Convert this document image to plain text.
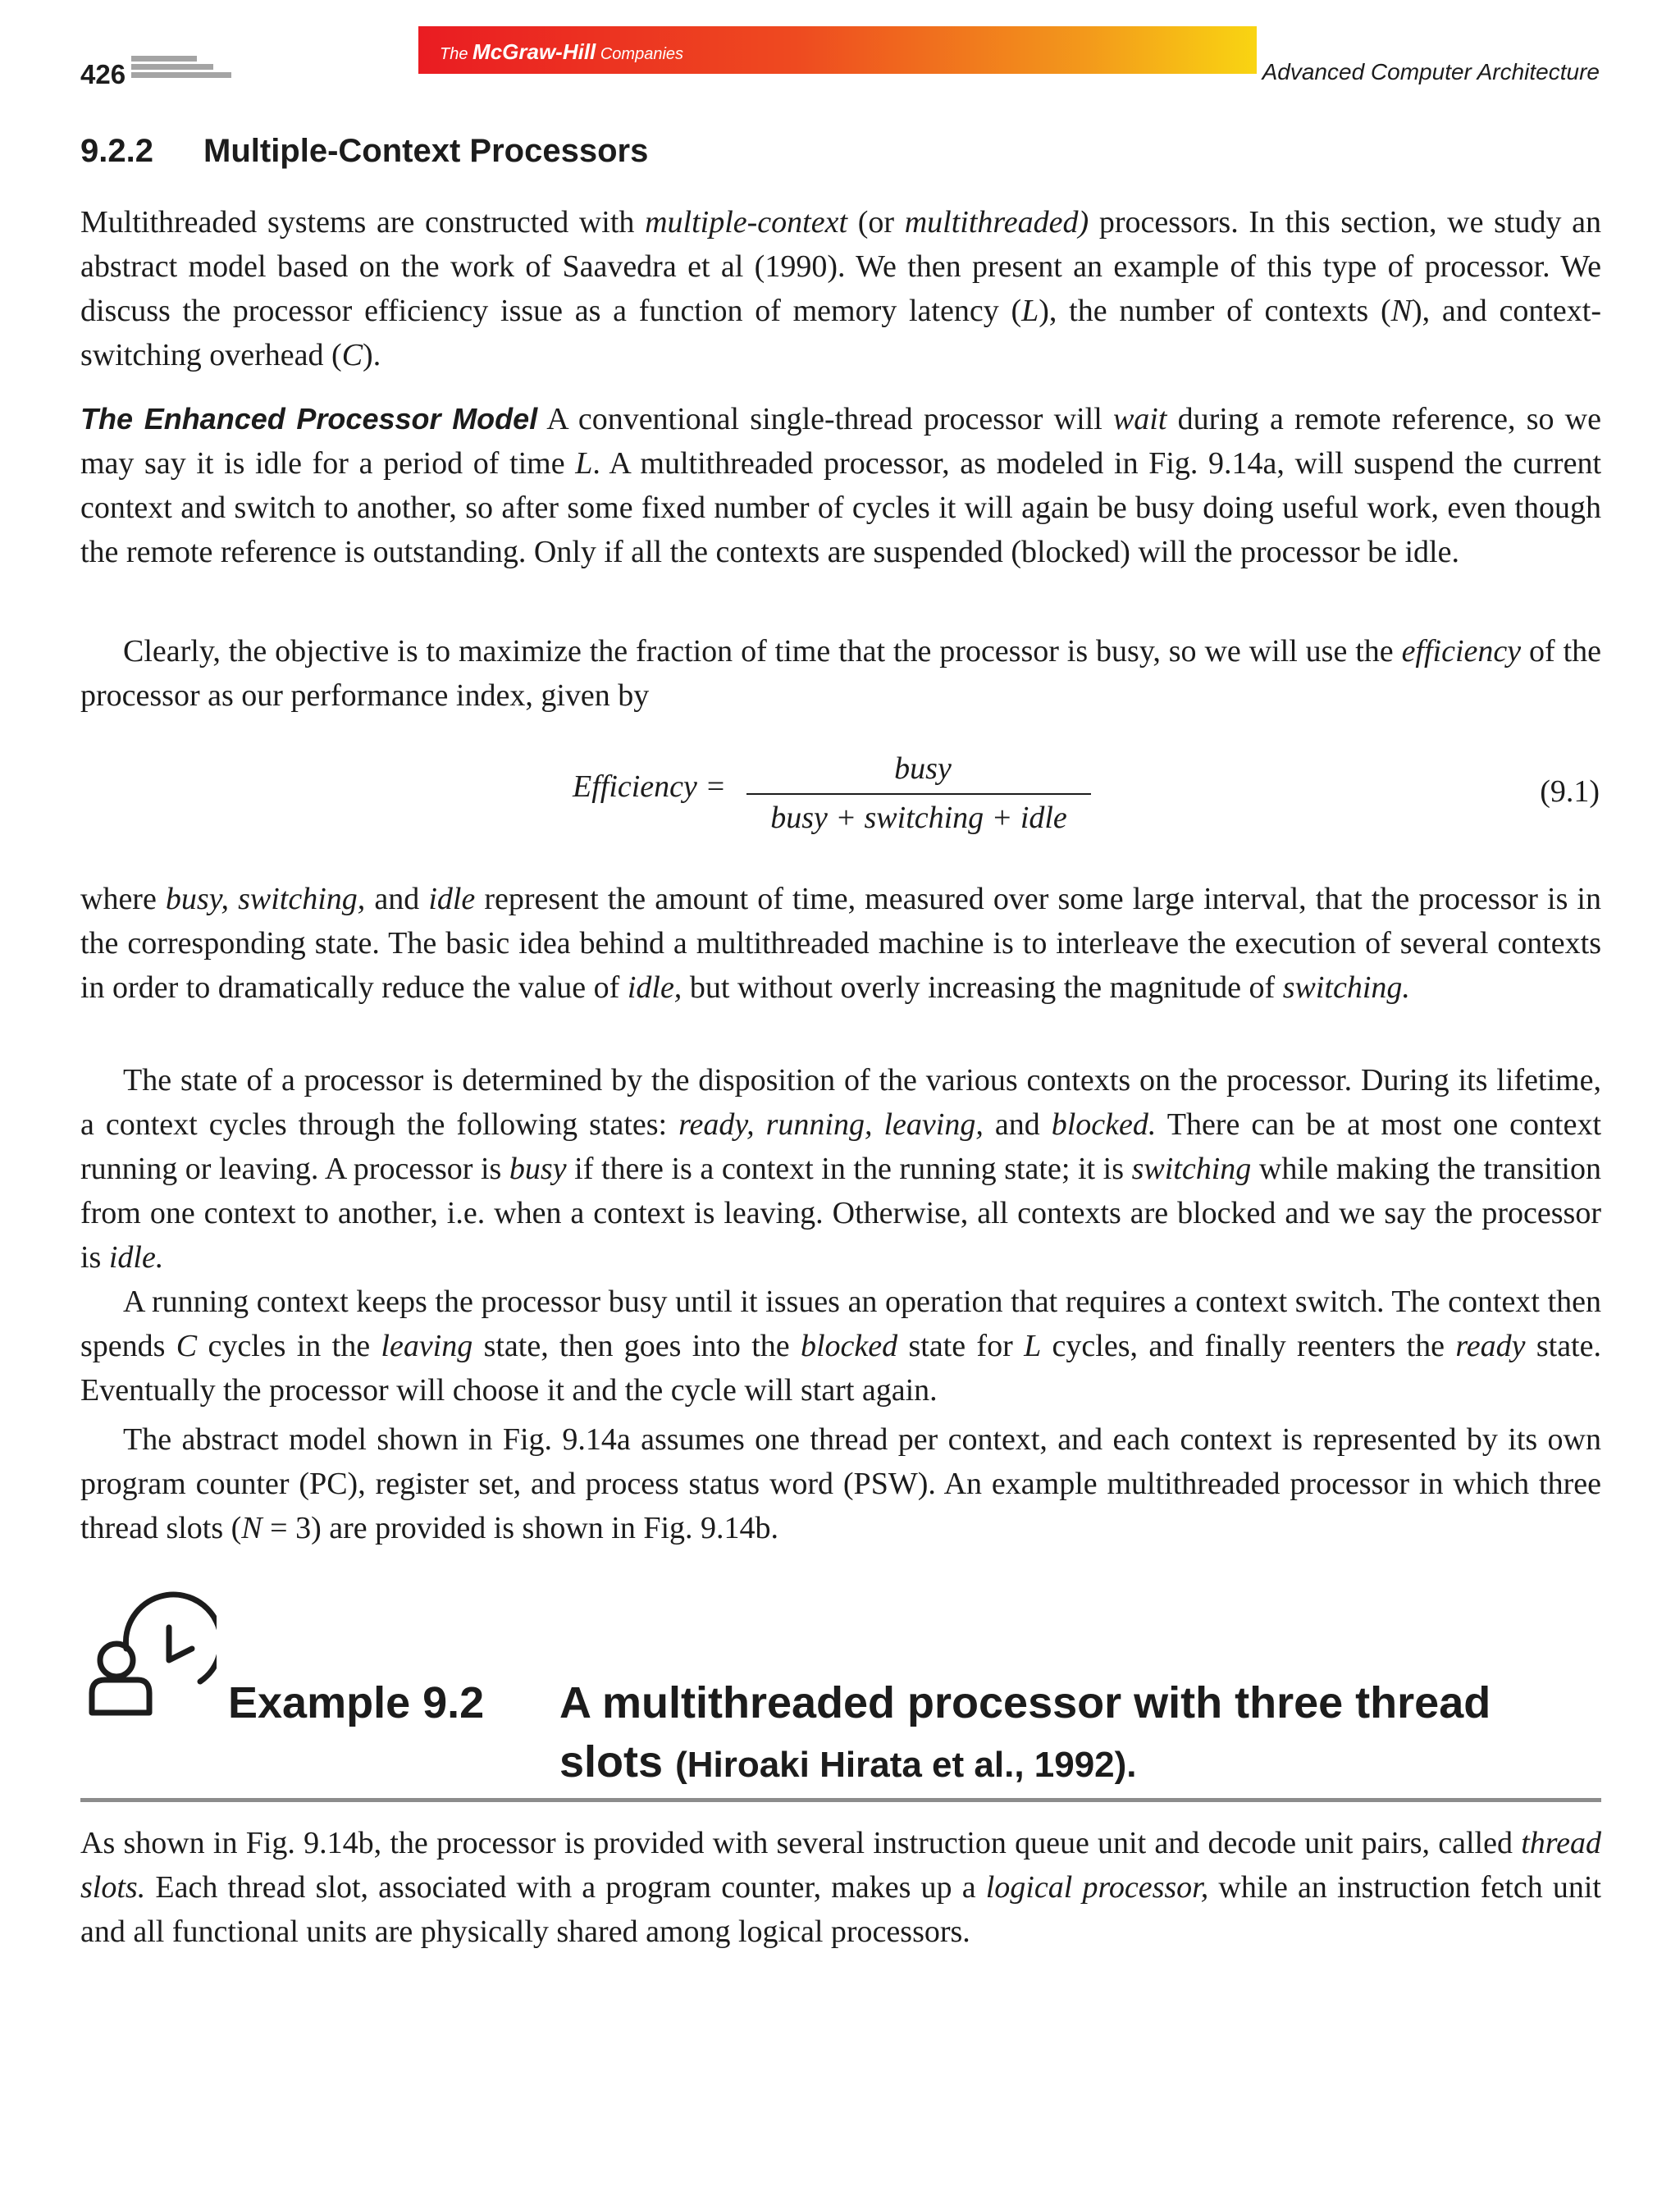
426
The McGraw-Hill Companies
Advanced Computer Architecture
9.2.2 Multiple-Context Processors
Multithreaded systems are constructed with multiple-context (or multithreaded) processors. In this section, we study an abstract model based on the work of Saavedra et al (1990). We then present an example of this type of processor. We discuss the processor efficiency issue as a function of memory latency (L), the number of contexts (N), and context-switching overhead (C).
The Enhanced Processor Model A conventional single-thread processor will wait during a remote reference, so we may say it is idle for a period of time L. A multithreaded processor, as modeled in Fig. 9.14a, will suspend the current context and switch to another, so after some fixed number of cycles it will again be busy doing useful work, even though the remote reference is outstanding. Only if all the contexts are suspended (blocked) will the processor be idle.
Clearly, the objective is to maximize the fraction of time that the processor is busy, so we will use the efficiency of the processor as our performance index, given by
Efficiency =
busy
busy + switching + idle
(9.1)
where busy, switching, and idle represent the amount of time, measured over some large interval, that the processor is in the corresponding state. The basic idea behind a multithreaded machine is to interleave the execution of several contexts in order to dramatically reduce the value of idle, but without overly increasing the magnitude of switching.
The state of a processor is determined by the disposition of the various contexts on the processor. During its lifetime, a context cycles through the following states: ready, running, leaving, and blocked. There can be at most one context running or leaving. A processor is busy if there is a context in the running state; it is switching while making the transition from one context to another, i.e. when a context is leaving. Otherwise, all contexts are blocked and we say the processor is idle.
A running context keeps the processor busy until it issues an operation that requires a context switch. The context then spends C cycles in the leaving state, then goes into the blocked state for L cycles, and finally reenters the ready state. Eventually the processor will choose it and the cycle will start again.
The abstract model shown in Fig. 9.14a assumes one thread per context, and each context is represented by its own program counter (PC), register set, and process status word (PSW). An example multithreaded processor in which three thread slots (N = 3) are provided is shown in Fig. 9.14b.
Example 9.2 A multithreaded processor with three thread
slots (Hiroaki Hirata et al., 1992).
As shown in Fig. 9.14b, the processor is provided with several instruction queue unit and decode unit pairs, called thread slots. Each thread slot, associated with a program counter, makes up a logical processor, while an instruction fetch unit and all functional units are physically shared among logical processors.
